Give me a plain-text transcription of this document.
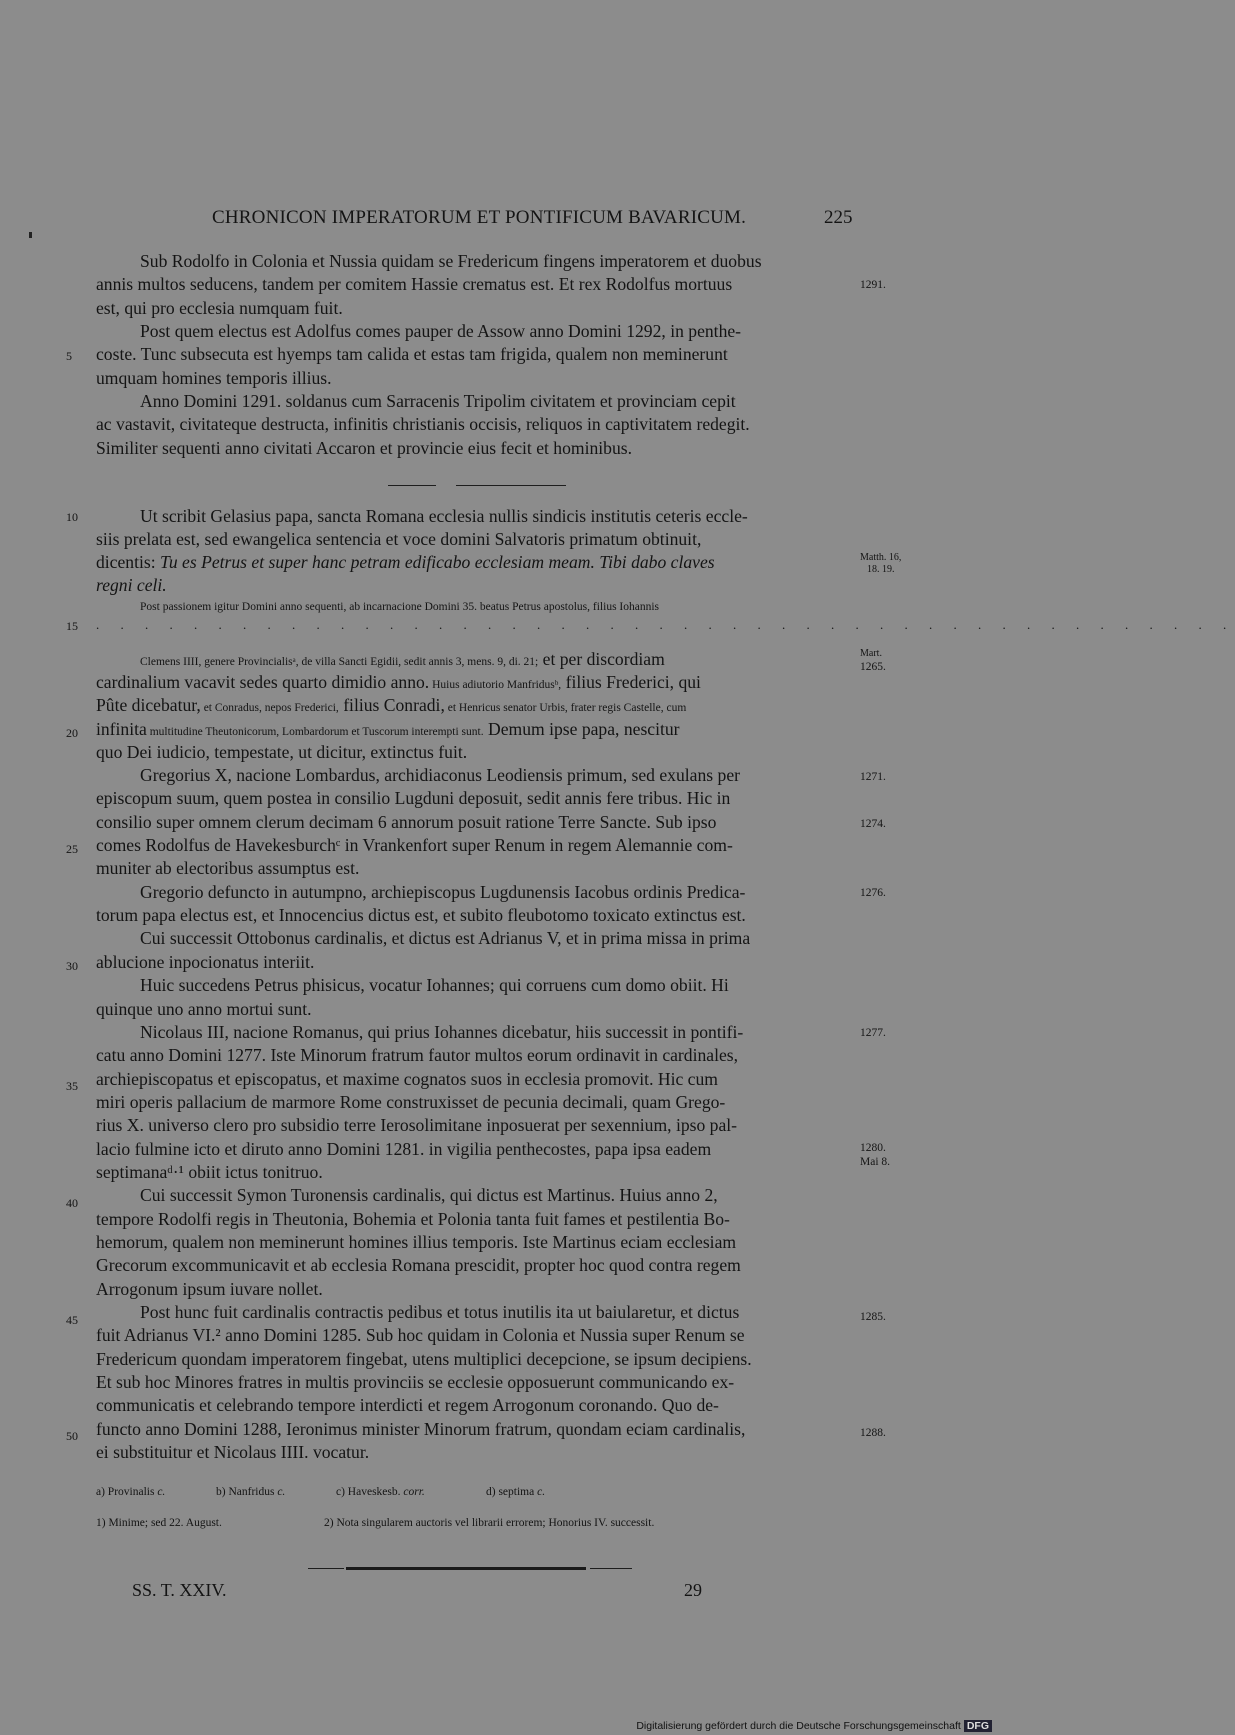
CHRONICON IMPERATORUM ET PONTIFICUM BAVARICUM.	225
Sub Rodolfo in Colonia et Nussia quidam se Fredericum fingens imperatorem et duobus
annis multos seducens, tandem per comitem Hassie crematus est. Et rex Rodolfus mortuus
est, qui pro ecclesia numquam fuit.
Post quem electus est Adolfus comes pauper de Assow anno Domini 1292, in penthe-
coste. Tunc subsecuta est hyemps tam calida et estas tam frigida, qualem non meminerunt
umquam homines temporis illius.
Anno Domini 1291. soldanus cum Sarracenis Tripolim civitatem et provinciam cepit
ac vastavit, civitateque destructa, infinitis christianis occisis, reliquos in captivitatem redegit.
Similiter sequenti anno civitati Accaron et provincie eius fecit et hominibus.
Ut scribit Gelasius papa, sancta Romana ecclesia nullis sindicis institutis ceteris eccle-
siis prelata est, sed ewangelica sentencia et voce domini Salvatoris primatum obtinuit,
dicentis: Tu es Petrus et super hanc petram edificabo ecclesiam meam. Tibi dabo claves
regni celi.
Post passionem igitur Domini anno sequenti, ab incarnacione Domini 35. beatus Petrus apostolus, filius Iohannis
. . . . . . . . . . . . . . . . . . . . . . . . . . . . . . . . . . . . . . . . . . . . . . .
Clemens IIII, genere Provincialisᵃ, de villa Sancti Egidii, sedit annis 3, mens. 9, di. 21; et per discordiam
cardinalium vacavit sedes quarto dimidio anno. Huius adiutorio Manfridusᵇ, filius Frederici, qui
Pûte dicebatur, et Conradus, nepos Frederici, filius Conradi, et Henricus senator Urbis, frater regis Castelle, cum
infinita multitudine Theutonicorum, Lombardorum et Tuscorum interempti sunt. Demum ipse papa, nescitur
quo Dei iudicio, tempestate, ut dicitur, extinctus fuit.
Gregorius X, nacione Lombardus, archidiaconus Leodiensis primum, sed exulans per
episcopum suum, quem postea in consilio Lugduni deposuit, sedit annis fere tribus. Hic in
consilio super omnem clerum decimam 6 annorum posuit ratione Terre Sancte. Sub ipso
comes Rodolfus de Havekesburchᶜ in Vrankenfort super Renum in regem Alemannie com-
muniter ab electoribus assumptus est.
Gregorio defuncto in autumpno, archiepiscopus Lugdunensis Iacobus ordinis Predica-
torum papa electus est, et Innocencius dictus est, et subito fleubotomo toxicato extinctus est.
Cui successit Ottobonus cardinalis, et dictus est Adrianus V, et in prima missa in prima
ablucione inpocionatus interiit.
Huic succedens Petrus phisicus, vocatur Iohannes; qui corruens cum domo obiit. Hi
quinque uno anno mortui sunt.
Nicolaus III, nacione Romanus, qui prius Iohannes dicebatur, hiis successit in pontifi-
catu anno Domini 1277. Iste Minorum fratrum fautor multos eorum ordinavit in cardinales,
archiepiscopatus et episcopatus, et maxime cognatos suos in ecclesia promovit. Hic cum
miri operis pallacium de marmore Rome construxisset de pecunia decimali, quam Grego-
rius X. universo clero pro subsidio terre Ierosolimitane inposuerat per sexennium, ipso pal-
lacio fulmine icto et diruto anno Domini 1281. in vigilia penthecostes, papa ipsa eadem
septimanaᵈ·¹ obiit ictus tonitruo.
Cui successit Symon Turonensis cardinalis, qui dictus est Martinus. Huius anno 2,
tempore Rodolfi regis in Theutonia, Bohemia et Polonia tanta fuit fames et pestilentia Bo-
hemorum, qualem non meminerunt homines illius temporis. Iste Martinus eciam ecclesiam
Grecorum excommunicavit et ab ecclesia Romana prescidit, propter hoc quod contra regem
Arrogonum ipsum iuvare nollet.
Post hunc fuit cardinalis contractis pedibus et totus inutilis ita ut baiularetur, et dictus
fuit Adrianus VI.² anno Domini 1285. Sub hoc quidam in Colonia et Nussia super Renum se
Fredericum quondam imperatorem fingebat, utens multiplici decepcione, se ipsum decipiens.
Et sub hoc Minores fratres in multis provinciis se ecclesie opposuerunt communicando ex-
communicatis et celebrando tempore interdicti et regem Arrogonum coronando. Quo de-
functo anno Domini 1288, Ieronimus minister Minorum fratrum, quondam eciam cardinalis,
ei substituitur et Nicolaus IIII. vocatur.
5
10
15
20
25
30
35
40
45
50
1291.
Matth. 16,
18. 19.
Mart.
1265.
1271.
1274.
1276.
1277.
1280.
Mai 8.
1285.
1288.
a) Provinalis c.	b) Nanfridus c.	c) Haveskesb. corr.	d) septima c.
1) Minime; sed 22. August.	2) Nota singularem auctoris vel librarii errorem; Honorius IV. successit.
SS. T. XXIV.	29
Digitalisierung gefördert durch die Deutsche Forschungsgemeinschaft DFG
